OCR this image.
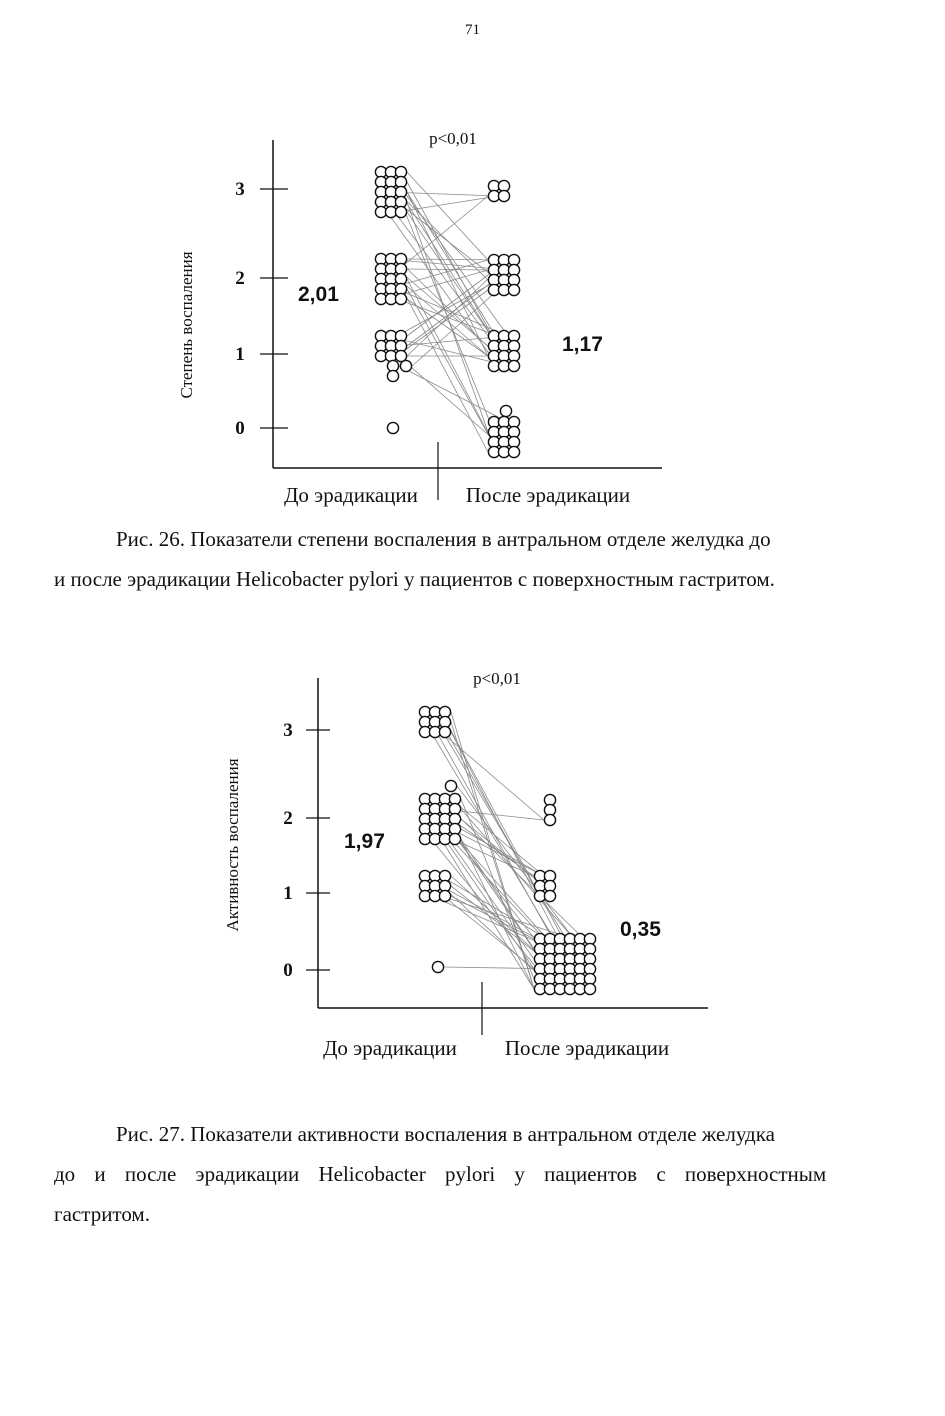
71
3
2
1
0
Степень воспаления
p<0,01
2,01
1,17
До эрадикации После эрадикации
Рис. 26. Показатели степени воспаления в антральном отделе желудка до
и после эрадикации Helicobacter pylori у пациентов с поверхностным гастритом.
3
2
1
0
Активность воспаления
p<0,01
1,97
0,35
До эрадикации После эрадикации
Рис. 27. Показатели активности воспаления в антральном отделе желудка
до и после эрадикации Helicobacter pylori у пациентов с поверхностным
гастритом.
